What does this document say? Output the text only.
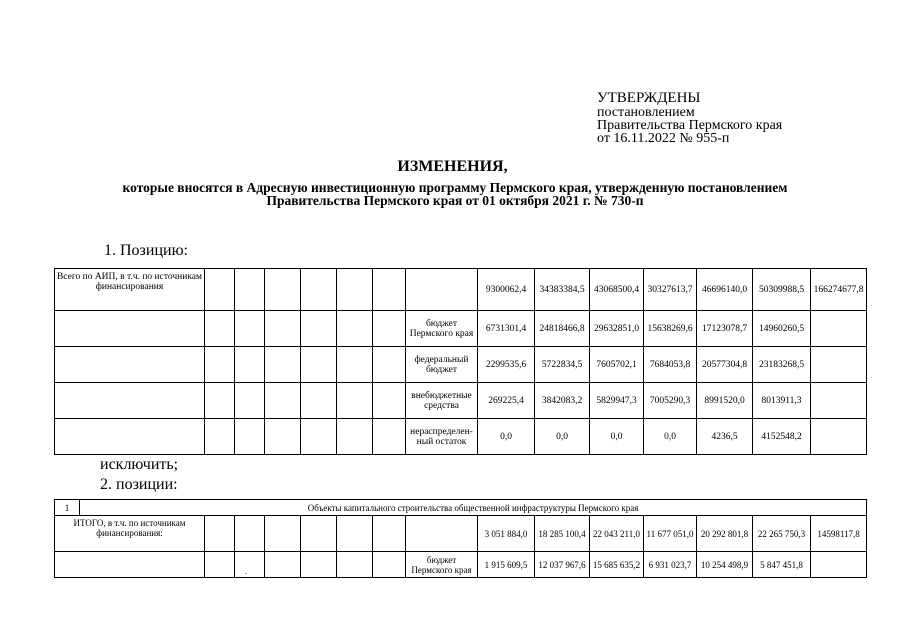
УТВЕРЖДЕНЫ
постановлением
Правительства Пермского края
от 16.11.2022 № 955-п
ИЗМЕНЕНИЯ,
которые вносятся в Адресную инвестиционную программу Пермского края, утвержденную постановлением
Правительства Пермского края от 01 октября 2021 г. № 730-п
1. Позицию:
Всего по АИП, в т.ч. по источникам финансирования								9300062,4	34383384,5	43068500,4	30327613,7	46696140,0	50309988,5	166274677,8
							бюджет Пермского края	6731301,4	24818466,8	29632851,0	15638269,6	17123078,7	14960260,5	
							федеральный бюджет	2299535,6	5722834,5	7605702,1	7684053,8	20577304,8	23183268,5	
							внебюджетные средства	269225,4	3842083,2	5829947,3	7005290,3	8991520,0	8013911,3	
							нераспределен-ный остаток	0,0	0,0	0,0	0,0	4236,5	4152548,2	
исключить;
2. позиции:
1	Объекты капитального строительства общественной инфраструктуры Пермского края														
ИТОГО, в т.ч. по источникам финансирования:									3 051 884,0	18 285 100,4	22 043 211,0	11 677 051,0	20 292 801,8	22 265 750,3	14598117,8
								бюджет Пермского края	1 915 609,5	12 037 967,6	15 685 635,2	6 931 023,7	10 254 498,9	5 847 451,8	
.
